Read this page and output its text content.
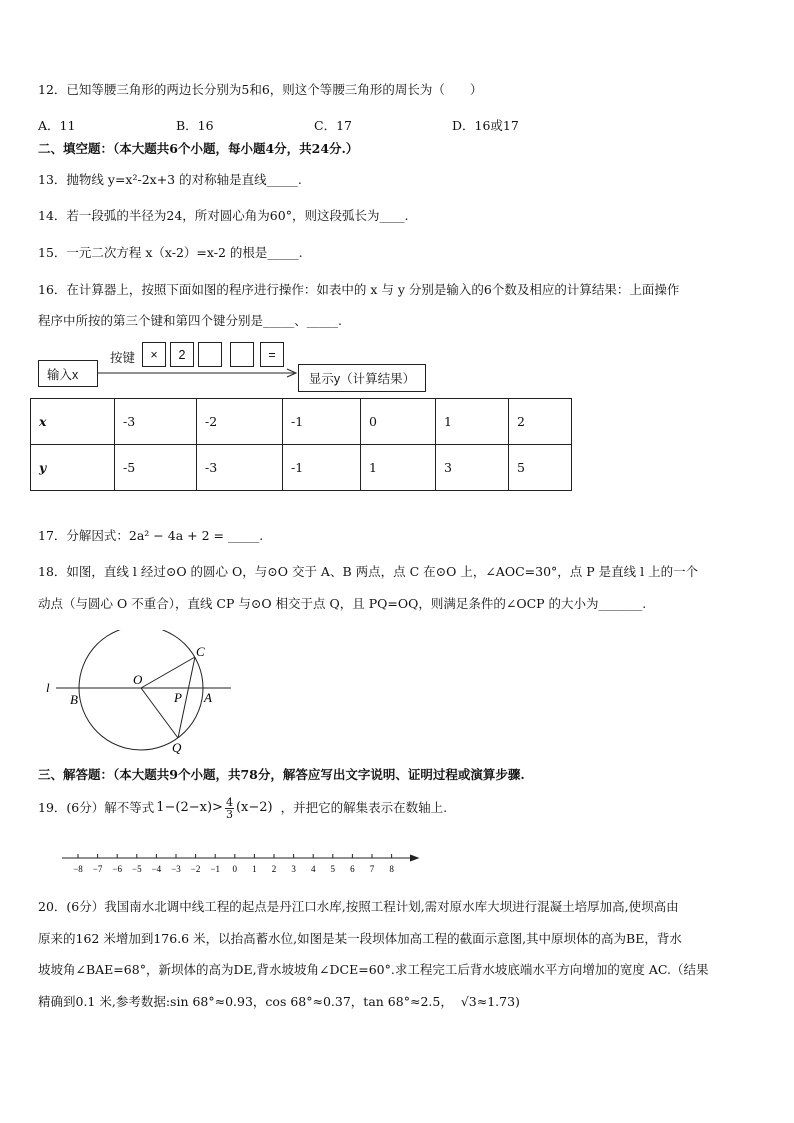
12．已知等腰三角形的两边长分别为5和6，则这个等腰三角形的周长为（　　）
A．11	B．16	C．17	D．16或17
二、填空题：（本大题共6个小题，每小题4分，共24分.）
13．抛物线 y=x²-2x+3 的对称轴是直线_____.
14．若一段弧的半径为24，所对圆心角为60°，则这段弧长为____.
15．一元二次方程 x（x-2）=x-2 的根是_____.
16．在计算器上，按照下面如图的程序进行操作：如表中的 x 与 y 分别是输入的6个数及相应的计算结果：上面操作
程序中所按的第三个键和第四个键分别是_____、_____.
输入x
按键	×	2	=
显示y（计算结果）
x	-3	-2	-1	0	1	2
y	-5	-3	-1	1	3	5
17．分解因式：2a² − 4a + 2 = _____.
18．如图，直线 l 经过⊙O 的圆心 O，与⊙O 交于 A、B 两点，点 C 在⊙O 上，∠AOC=30°，点 P 是直线 l 上的一个
动点（与圆心 O 不重合），直线 CP 与⊙O 相交于点 Q，且 PQ=OQ，则满足条件的∠OCP 的大小为_______.
l
O
B	P A
C
Q
三、解答题：（本大题共9个小题，共78分，解答应写出文字说明、证明过程或演算步骤.
19．(6分）解不等式 $1-(2-x)> \frac{4}{3} (x-2)$ ，并把它的解集表示在数轴上.
−8 −7 −6 −5 −4 −3 −2 −1 0 1 2 3 4 5 6 7 8
20．(6分）我国南水北调中线工程的起点是丹江口水库,按照工程计划,需对原水库大坝进行混凝土培厚加高,使坝高由
原来的162 米增加到176.6 米，以抬高蓄水位,如图是某一段坝体加高工程的截面示意图,其中原坝体的高为BE，背水
坡坡角∠BAE=68°，新坝体的高为DE,背水坡坡角∠DCE=60°.求工程完工后背水坡底端水平方向增加的宽度 AC.（结果
精确到0.1 米,参考数据:sin 68°≈0.93，cos 68°≈0.37，tan 68°≈2.5， √3≈1.73)
